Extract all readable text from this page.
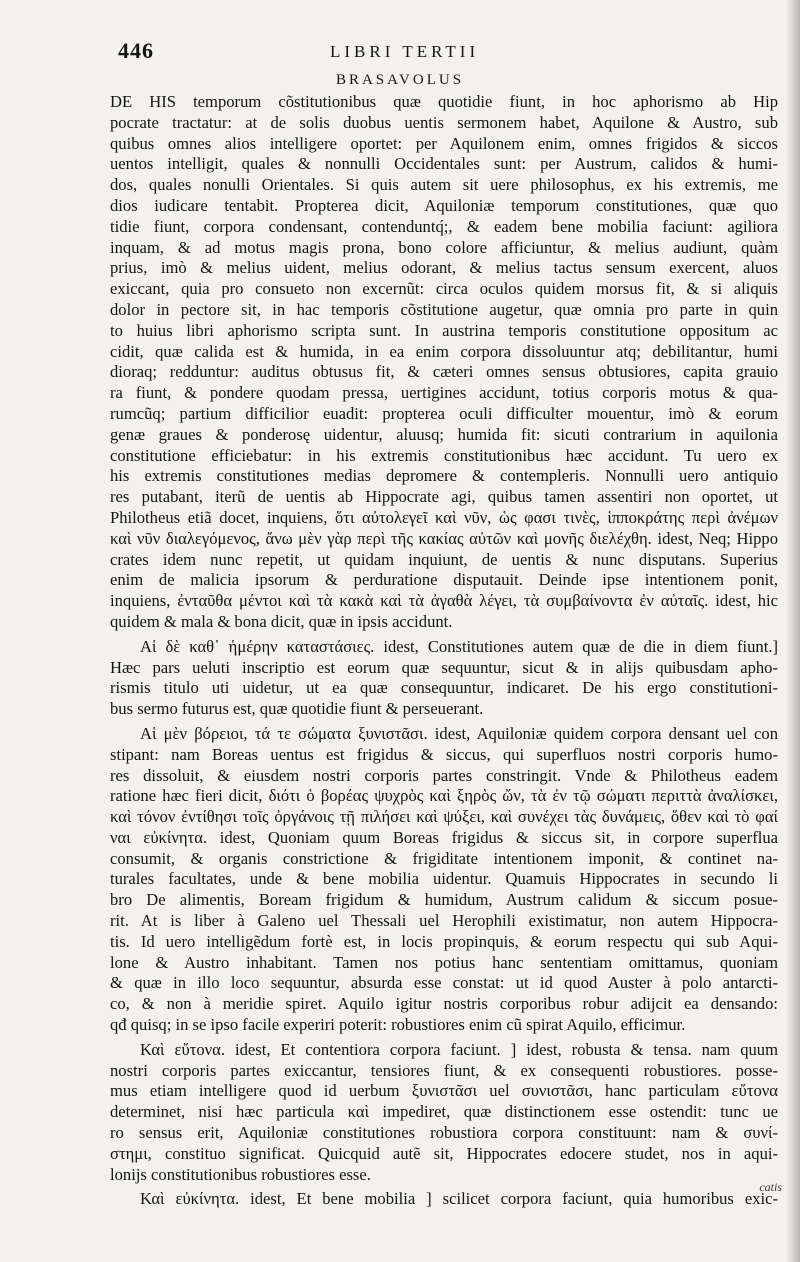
446	LIBRI TERTII
BRASAVOLUS
DE HIS temporum cõstitutionibus quæ quotidie fiunt, in hoc aphorismo ab Hip
pocrate tractatur: at de solis duobus uentis sermonem habet, Aquilone & Austro, sub
quibus omnes alios intelligere oportet: per Aquilonem enim, omnes frigidos & siccos
uentos intelligit, quales & nonnulli Occidentales sunt: per Austrum, calidos & humi-
dos, quales nonulli Orientales. Si quis autem sit uere philosophus, ex his extremis, me
dios iudicare tentabit. Propterea dicit, Aquiloniæ temporum constitutiones, quæ quo
tidie fiunt, corpora condensant, contenduntq́;, & eadem bene mobilia faciunt: agiliora
inquam, & ad motus magis prona, bono colore afficiuntur, & melius audiunt, quàm
prius, imò & melius uident, melius odorant, & melius tactus sensum exercent, aluos
exiccant, quia pro consueto non excernũt: circa oculos quidem morsus fit, & si aliquis
dolor in pectore sit, in hac temporis cõstitutione augetur, quæ omnia pro parte in quin
to huius libri aphorismo scripta sunt. In austrina temporis constitutione oppositum ac
cidit, quæ calida est & humida, in ea enim corpora dissoluuntur atq; debilitantur, humi
dioraq; redduntur: auditus obtusus fit, & cæteri omnes sensus obtusiores, capita grauio
ra fiunt, & pondere quodam pressa, uertigines accidunt, totius corporis motus & qua-
rumcũq; partium difficilior euadit: propterea oculi difficulter mouentur, imò & eorum
genæ graues & ponderosę uidentur, aluusq; humida fit: sicuti contrarium in aquilonia
constitutione efficiebatur: in his extremis constitutionibus hæc accidunt. Tu uero ex
his extremis constitutiones medias depromere & contempleris. Nonnulli uero antiquio
res putabant, iterũ de uentis ab Hippocrate agi, quibus tamen assentiri non oportet, ut
Philotheus etiã docet, inquiens, ὅτι αὐτολεγεῖ καὶ νῦν, ὡς φασι τινὲς, ἱπποκράτης περὶ ἀνέμων
καὶ νῦν διαλεγόμενος, ἄνω μὲν γὰρ περὶ τῆς κακίας αὐτῶν καὶ μονῆς διελέχθη. idest, Neq; Hippo
crates idem nunc repetit, ut quidam inquiunt, de uentis & nunc disputans. Superius
enim de malicia ipsorum & perduratione disputauit. Deinde ipse intentionem ponit,
inquiens, ἐνταῦθα μέντοι καὶ τὰ κακὰ καὶ τὰ ἀγαθὰ λέγει, τὰ συμβαίνοντα ἐν αὐταῖς. idest, hic
quidem & mala & bona dicit, quæ in ipsis accidunt.
Αἱ δὲ καθ᾽ ἡμέρην καταστάσιες. idest, Constitutiones autem quæ de die in diem fiunt.]
Hæc pars ueluti inscriptio est eorum quæ sequuntur, sicut & in alijs quibusdam apho-
rismis titulo uti uidetur, ut ea quæ consequuntur, indicaret. De his ergo constitutioni-
bus sermo futurus est, quæ quotidie fiunt & perseuerant.
Αἱ μὲν βόρειοι, τά τε σώματα ξυνιστᾶσι. idest, Aquiloniæ quidem corpora densant uel con
stipant: nam Boreas uentus est frigidus & siccus, qui superfluos nostri corporis humo-
res dissoluit, & eiusdem nostri corporis partes constringit. Vnde & Philotheus eadem
ratione hæc fieri dicit, διότι ὁ βορέας ψυχρὸς καὶ ξηρὸς ὤν, τὰ ἐν τῷ σώματι περιττὰ ἀναλίσκει,
καὶ τόνον ἐντίθησι τοῖς ὀργάνοις τῇ πιλήσει καὶ ψύξει, καὶ συνέχει τὰς δυνάμεις, ὅθεν καὶ τὸ φαί
ναι εὐκίνητα. idest, Quoniam quum Boreas frigidus & siccus sit, in corpore superflua
consumit, & organis constrictione & frigiditate intentionem imponit, & continet na-
turales facultates, unde & bene mobilia uidentur. Quamuis Hippocrates in secundo li
bro De alimentis, Boream frigidum & humidum, Austrum calidum & siccum posue-
rit. At is liber à Galeno uel Thessali uel Herophili existimatur, non autem Hippocra-
tis. Id uero intelligẽdum fortè est, in locis propinquis, & eorum respectu qui sub Aqui-
lone & Austro inhabitant. Tamen nos potius hanc sententiam omittamus, quoniam
& quæ in illo loco sequuntur, absurda esse constat: ut id quod Auster à polo antarcti-
co, & non à meridie spiret. Aquilo igitur nostris corporibus robur adijcit ea densando:
qđ quisq; in se ipso facile experiri poterit: robustiores enim cũ spirat Aquilo, efficimur.
Καὶ εὔτονα. idest, Et contentiora corpora faciunt. ] idest, robusta & tensa. nam quum
nostri corporis partes exiccantur, tensiores fiunt, & ex consequenti robustiores. posse-
mus etiam intelligere quod id uerbum ξυνιστᾶσι uel συνιστᾶσι, hanc particulam εὔτονα
determinet, nisi hæc particula καὶ impediret, quæ distinctionem esse ostendit: tunc ue
ro sensus erit, Aquiloniæ constitutiones robustiora corpora constituunt: nam & συνί-
στημι, constituo significat. Quicquid autẽ sit, Hippocrates edocere studet, nos in aqui-
lonijs constitutionibus robustiores esse.
Καὶ εὐκίνητα. idest, Et bene mobilia ] scilicet corpora faciunt, quia humoribus exic-
catis
